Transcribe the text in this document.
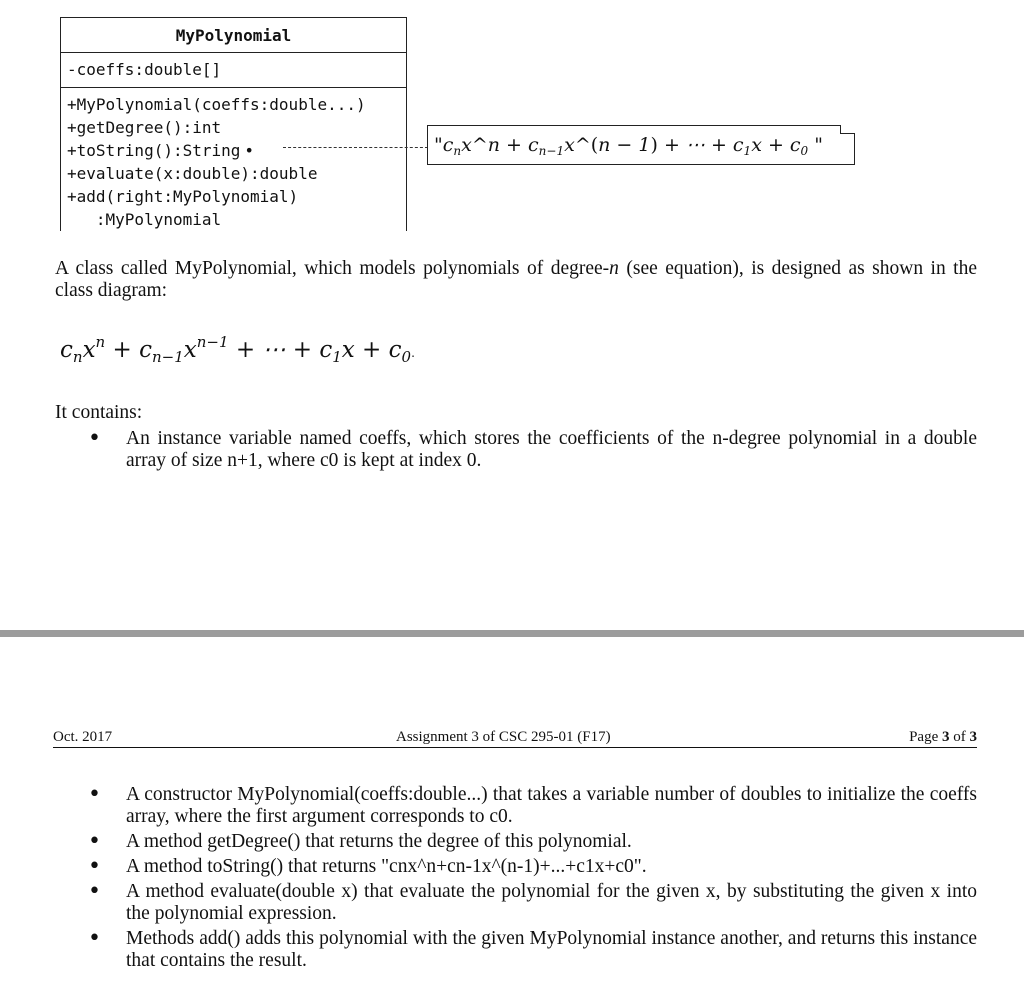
MyPolynomial
-coeffs:double[]
+MyPolynomial(coeffs:double...)
+getDegree():int
+toString():String •
+evaluate(x:double):double
+add(right:MyPolynomial)
:MyPolynomial
"$c_nx\^{}n$ + $c_{n-1}x\^{}(n - 1)$ + ⋯ + $c_1x + c_0$ "
A class called MyPolynomial, which models polynomials of degree-n (see equation), is designed as shown in the class diagram:
$c_nx^n + c_{n-1}x^{n-1}$ + ⋯ + $c_1x + c_0$.
It contains:
• An instance variable named coeffs, which stores the coefficients of the n-degree polynomial in a double array of size n+1, where c0 is kept at index 0.
Oct. 2017	Assignment 3 of CSC 295-01 (F17)	Page 3 of 3
• A constructor MyPolynomial(coeffs:double...) that takes a variable number of doubles to initialize the coeffs array, where the first argument corresponds to c0.
• A method getDegree() that returns the degree of this polynomial.
• A method toString() that returns "cnx^n+cn-1x^(n-1)+...+c1x+c0".
• A method evaluate(double x) that evaluate the polynomial for the given x, by substituting the given x into the polynomial expression.
• Methods add() adds this polynomial with the given MyPolynomial instance another, and returns this instance that contains the result.
